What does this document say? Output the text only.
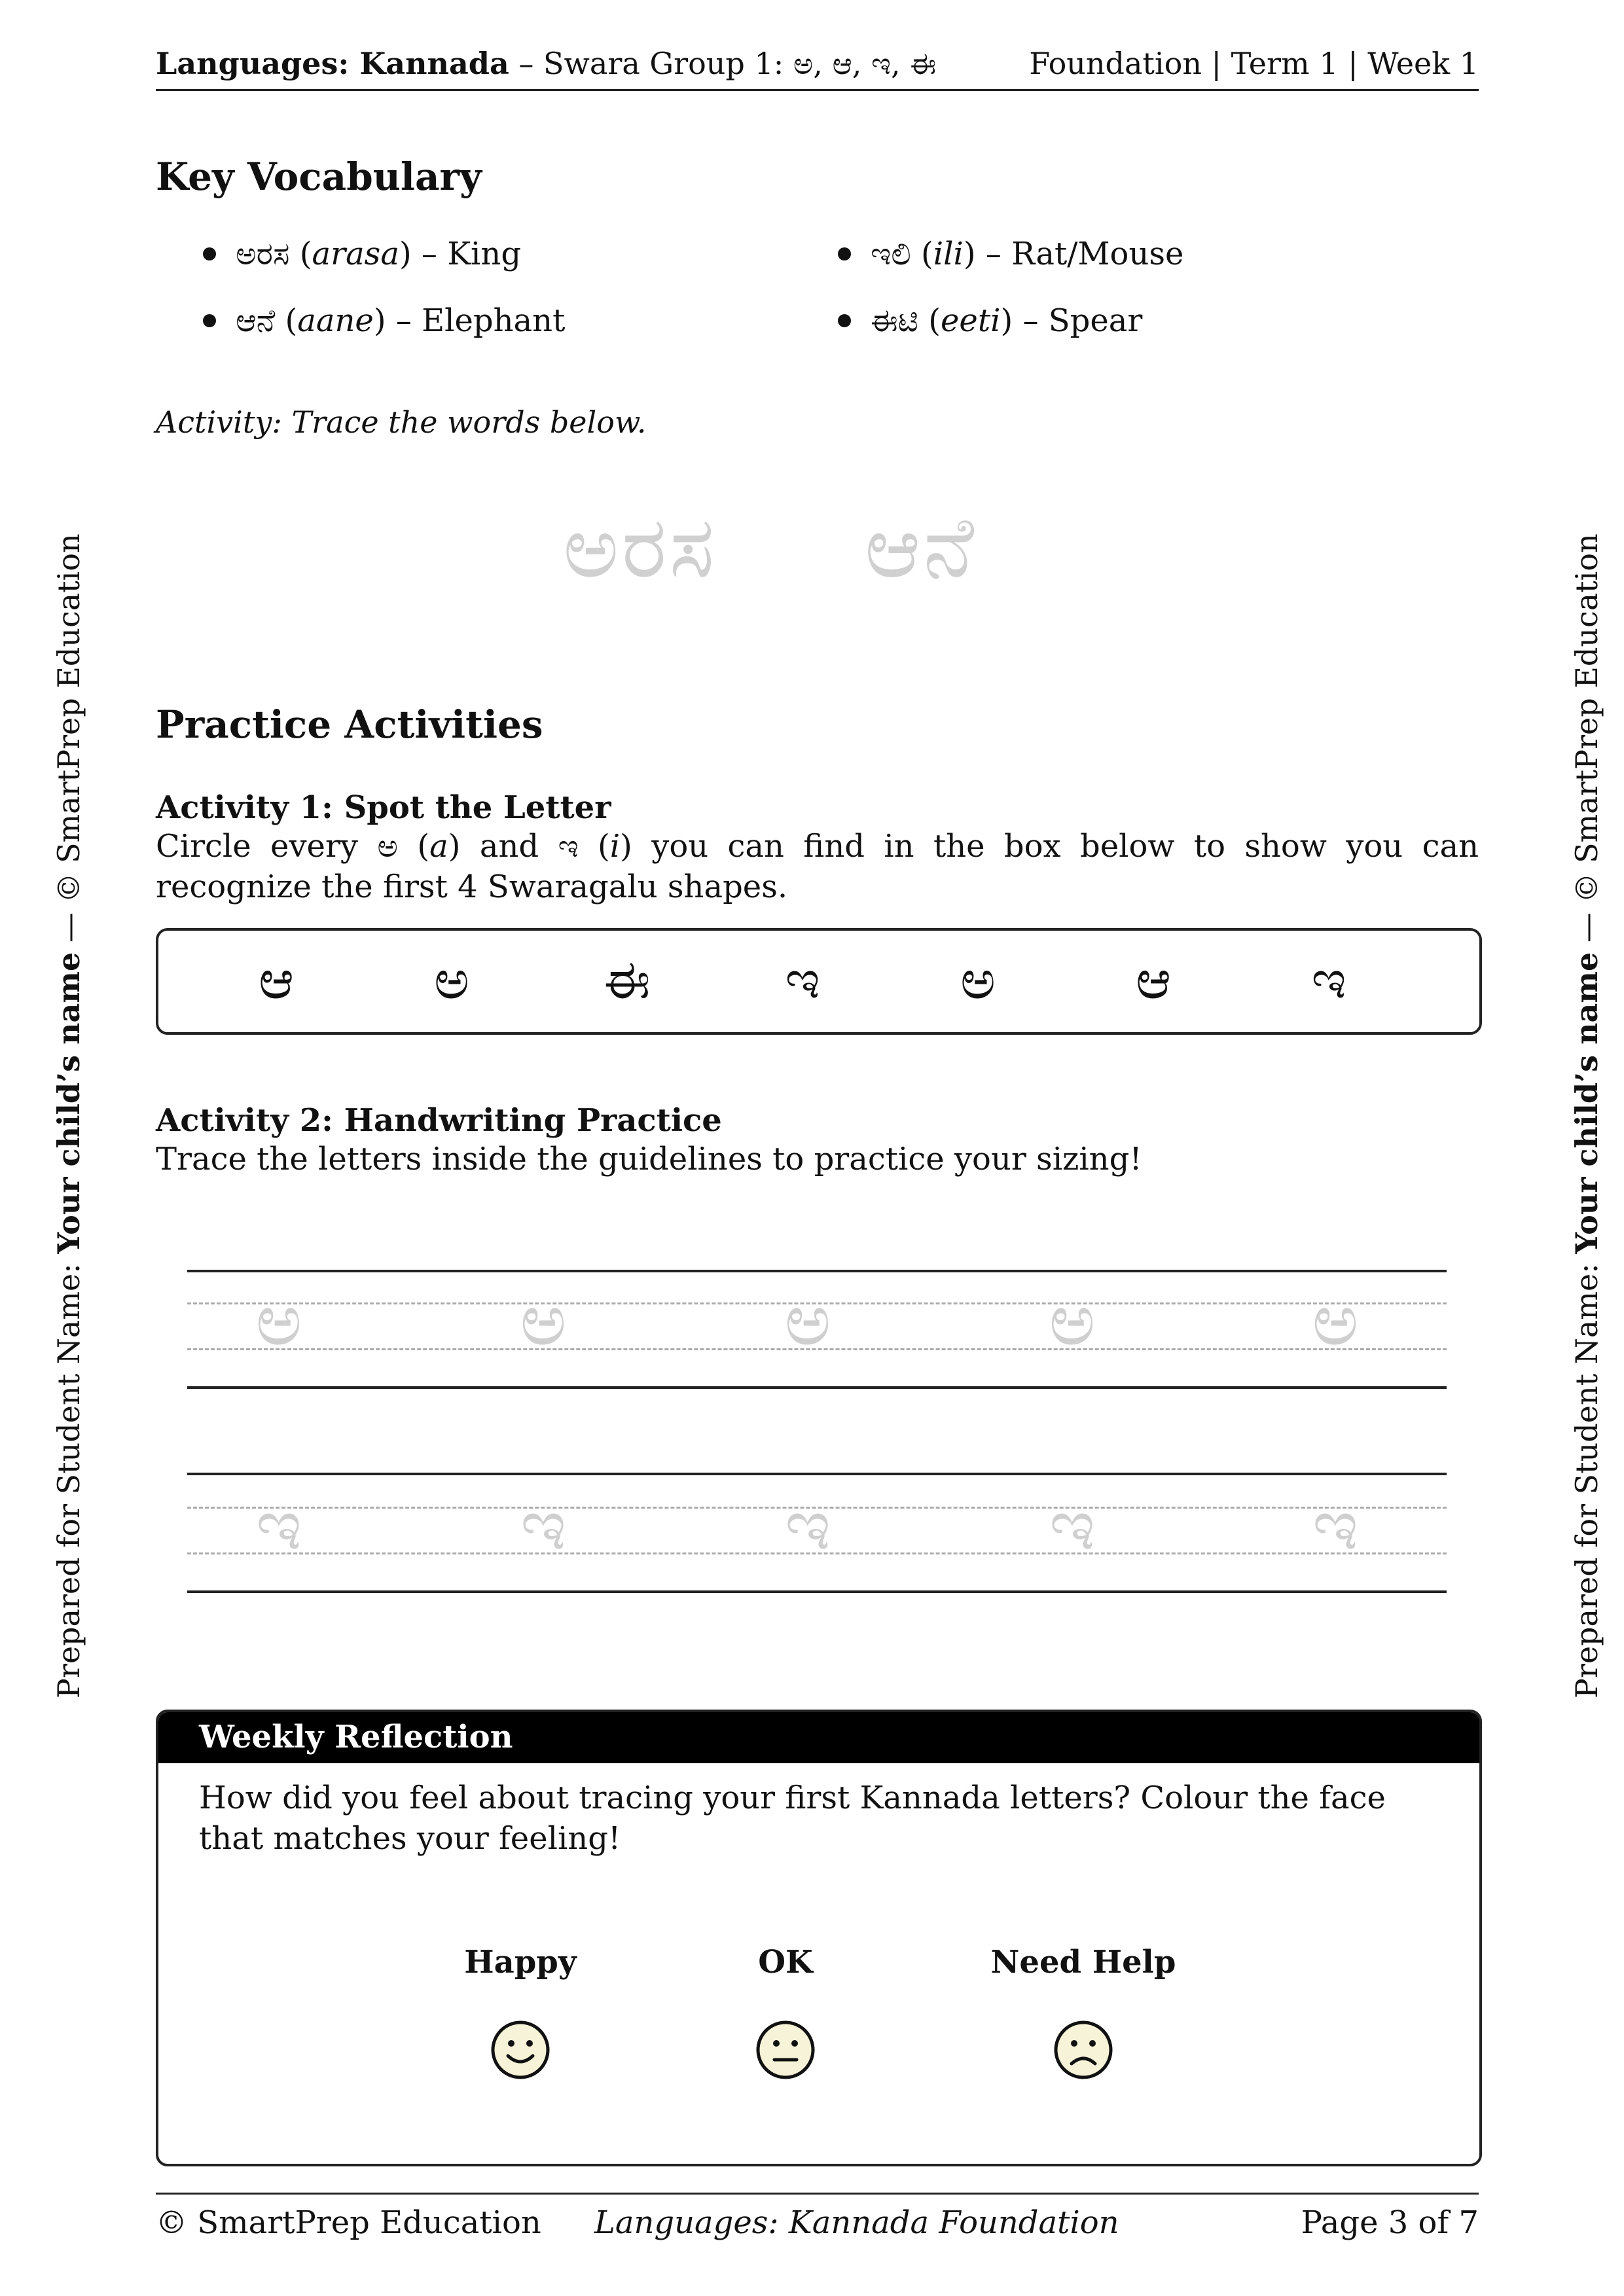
Languages: Kannada – Swara Group 1: ಅ, ಆ, ಇ, ಈ	Foundation | Term 1 | Week 1
Prepared for Student Name: Your child’s name — © SmartPrep Education
Prepared for Student Name: Your child’s name — © SmartPrep Education
Key Vocabulary
ಅರಸ (arasa) – King	ಇಲಿ (ili) – Rat/Mouse
ಆನೆ (aane) – Elephant	ಈಟಿ (eeti) – Spear
Activity: Trace the words below.
ಅರಸ ಆನೆ
Practice Activities
Activity 1: Spot the Letter
Circle every ಅ (a) and ಇ (i) you can find in the box below to show you can recognize the first 4 Swaragalu shapes.
ಆ	ಅ	ಈ	ಇ	ಅ	ಆ	ಇ
Activity 2: Handwriting Practice
Trace the letters inside the guidelines to practice your sizing!
ಅ	ಅ	ಅ	ಅ	ಅ
ಇ	ಇ	ಇ	ಇ	ಇ
Weekly Reflection
How did you feel about tracing your first Kannada letters? Colour the face that matches your feeling!
Happy	OK	Need Help
© SmartPrep Education Languages: Kannada Foundation	Page 3 of 7
